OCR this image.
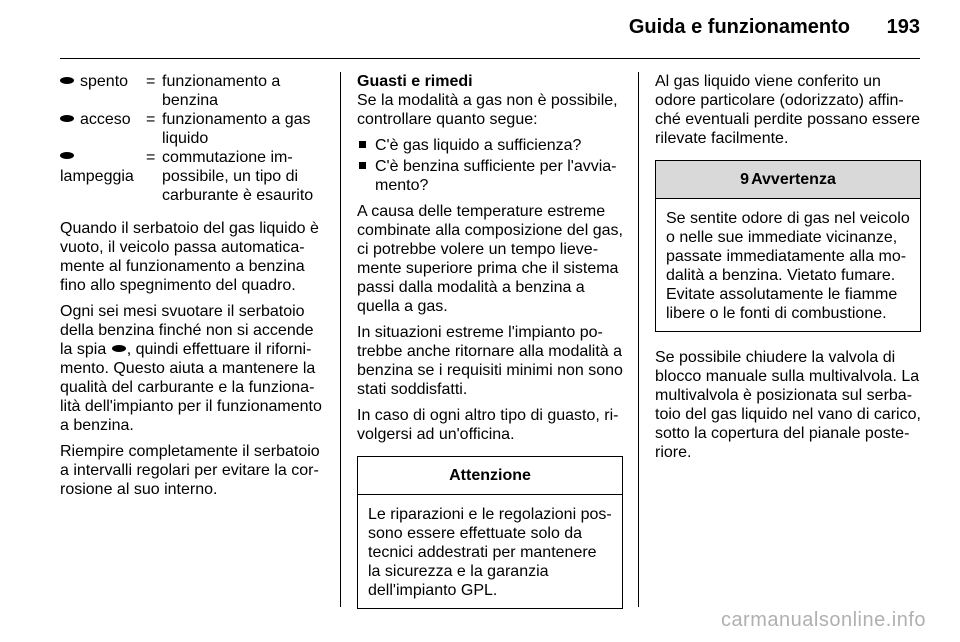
Guida e funzionamento 193
spento = funzionamento a benzina
acceso = funzionamento a gas liquido

lampeggia
= commutazione impossibile, un tipo di carburante è esaurito

Quando il serbatoio del gas liquido è vuoto, il veicolo passa automaticamente al funzionamento a benzina fino allo spegnimento del quadro.

Ogni sei mesi svuotare il serbatoio della benzina finché non si accende la spia , quindi effettuare il rifornimento. Questo aiuta a mantenere la qualità del carburante e la funzionalità dell'impianto per il funzionamento a benzina.

Riempire completamente il serbatoio a intervalli regolari per evitare la corrosione al suo interno.

Guasti e rimedi

Se la modalità a gas non è possibile, controllare quanto segue:

C'è gas liquido a sufficienza?
C'è benzina sufficiente per l'avviamento?

A causa delle temperature estreme combinate alla composizione del gas, ci potrebbe volere un tempo lievemente superiore prima che il sistema passi dalla modalità a benzina a quella a gas.

In situazioni estreme l'impianto potrebbe anche ritornare alla modalità a benzina se i requisiti minimi non sono stati soddisfatti.

In caso di ogni altro tipo di guasto, rivolgersi ad un'officina.

Attenzione
Le riparazioni e le regolazioni possono essere effettuate solo da tecnici addestrati per mantenere la sicurezza e la garanzia dell'impianto GPL.

Al gas liquido viene conferito un odore particolare (odorizzato) affinché eventuali perdite possano essere rilevate facilmente.

9 Avvertenza
Se sentite odore di gas nel veicolo o nelle sue immediate vicinanze, passate immediatamente alla modalità a benzina. Vietato fumare. Evitate assolutamente le fiamme libere o le fonti di combustione.

Se possibile chiudere la valvola di blocco manuale sulla multivalvola. La multivalvola è posizionata sul serbatoio del gas liquido nel vano di carico, sotto la copertura del pianale posteriore.

carmanualsonline.info
